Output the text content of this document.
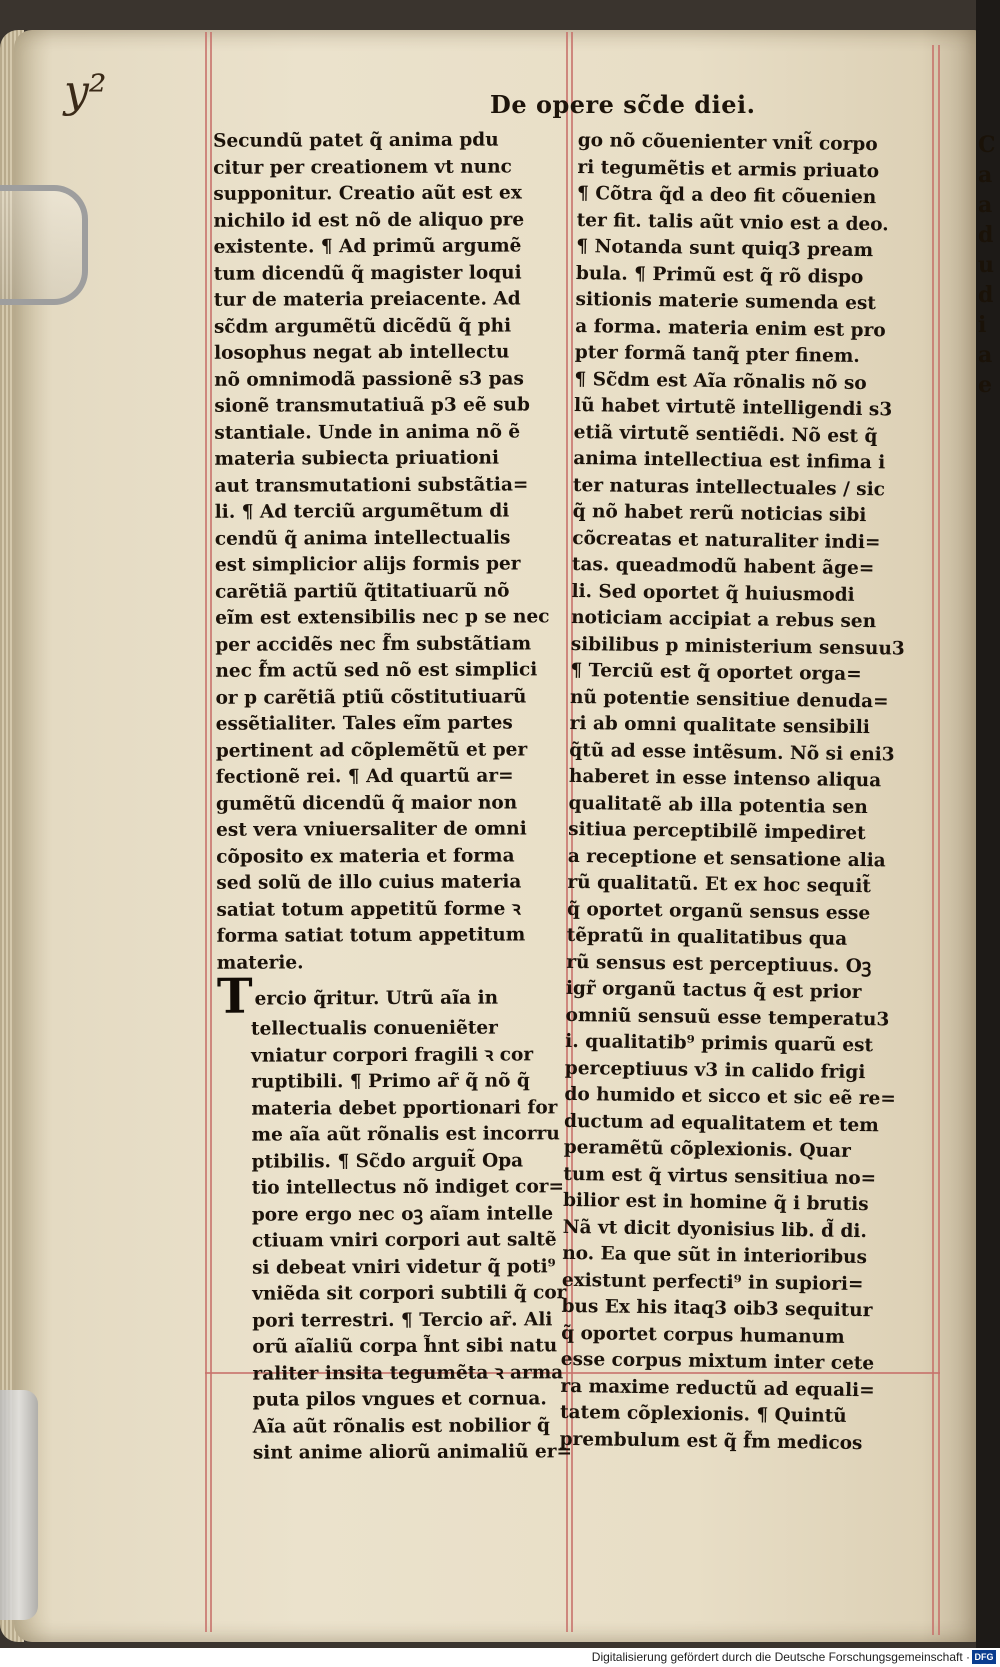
C
a
a
d
u
d
i
a
e
y²	De opere sc̃de diei.
Secundũ patet q̃ anima pdu
citur per creationem vt nunc
supponitur. Creatio aũt est ex
nichilo id est nõ de aliquo pre
existente. ¶ Ad primũ argumẽ
tum dicendũ q̃ magister loqui
tur de materia preiacente. Ad
sc̃dm argumẽtũ dicẽdũ q̃ phi
losophus negat ab intellectu
nõ omnimodã passionẽ s3 pas
sionẽ transmutatiuã p3 eẽ sub
stantiale. Unde in anima nõ ẽ
materia subiecta priuationi
aut transmutationi substãtia=
li. ¶ Ad terciũ argumẽtum di
cendũ q̃ anima intellectualis
est simplicior alijs formis per
carẽtiã partiũ q̃titatiuarũ nõ
eĩm est extensibilis nec p se nec
per accidẽs nec f̃m substãtiam
nec f̃m actũ sed nõ est simplici
or p carẽtiã ptiũ cõstitutiuarũ
essẽtialiter. Tales eĩm partes
pertinent ad cõplemẽtũ et per
fectionẽ rei. ¶ Ad quartũ ar=
gumẽtũ dicendũ q̃ maior non
est vera vniuersaliter de omni
cõposito ex materia et forma
sed solũ de illo cuius materia
satiat totum appetitũ forme ꝛ
forma satiat totum appetitum
materie.
Tercio q̃ritur. Utrũ aĩa in
tellectualis conueniẽter
vniatur corpori fragili ꝛ cor
ruptibili. ¶ Primo ar̃ q̃ nõ q̃
materia debet pportionari for
me aĩa aũt rõnalis est incorru
ptibilis. ¶ Sc̃do arguit̃ Opa
tio intellectus nõ indiget cor=
pore ergo nec oꝫ aĩam intelle
ctiuam vniri corpori aut saltẽ
si debeat vniri videtur q̃ poti⁹
vniẽda sit corpori subtili q̃ cor
pori terrestri. ¶ Tercio ar̃. Ali
orũ aĩaliũ corpa h̃nt sibi natu
raliter insita tegumẽta ꝛ arma
puta pilos vngues et cornua.
Aĩa aũt rõnalis est nobilior q̃
sint anime aliorũ animaliũ er=
go nõ cõuenienter vnit̃ corpo
ri tegumẽtis et armis priuato
¶ Cõtra q̃d a deo fit cõuenien
ter fit. talis aũt vnio est a deo.
¶ Notanda sunt quiq3 pream
bula. ¶ Primũ est q̃ rõ dispo
sitionis materie sumenda est
a forma. materia enim est pro
pter formã tanq̃ pter finem.
¶ Sc̃dm est Aĩa rõnalis nõ so
lũ habet virtutẽ intelligendi s3
etiã virtutẽ sentiẽdi. Nõ est q̃
anima intellectiua est infima i
ter naturas intellectuales / sic
q̃ nõ habet rerũ noticias sibi
cõcreatas et naturaliter indi=
tas. queadmodũ habent ãge=
li. Sed oportet q̃ huiusmodi
noticiam accipiat a rebus sen
sibilibus p ministerium sensuu3
¶ Terciũ est q̃ oportet orga=
nũ potentie sensitiue denuda=
ri ab omni qualitate sensibili
q̃tũ ad esse intẽsum. Nõ si eni3
haberet in esse intenso aliqua
qualitatẽ ab illa potentia sen
sitiua perceptibilẽ impediret
a receptione et sensatione alia
rũ qualitatũ. Et ex hoc sequit̃
q̃ oportet organũ sensus esse
tẽpratũ in qualitatibus qua
rũ sensus est perceptiuus. Oꝫ
igr̃ organũ tactus q̃ est prior
omniũ sensuũ esse temperatu3
i. qualitatib⁹ primis quarũ est
perceptiuus v3 in calido frigi
do humido et sicco et sic eẽ re=
ductum ad equalitatem et tem
peramẽtũ cõplexionis. Quar
tum est q̃ virtus sensitiua no=
bilior est in homine q̃ i brutis
Nã vt dicit dyonisius lib. d̃ di.
no. Ea que sũt in interioribus
existunt perfecti⁹ in supiori=
bus Ex his itaq3 oib3 sequitur
q̃ oportet corpus humanum
esse corpus mixtum inter cete
ra maxime reductũ ad equali=
tatem cõplexionis. ¶ Quintũ
prembulum est q̃ f̃m medicos
Digitalisierung gefördert durch die Deutsche Forschungsgemeinschaft · DFG
